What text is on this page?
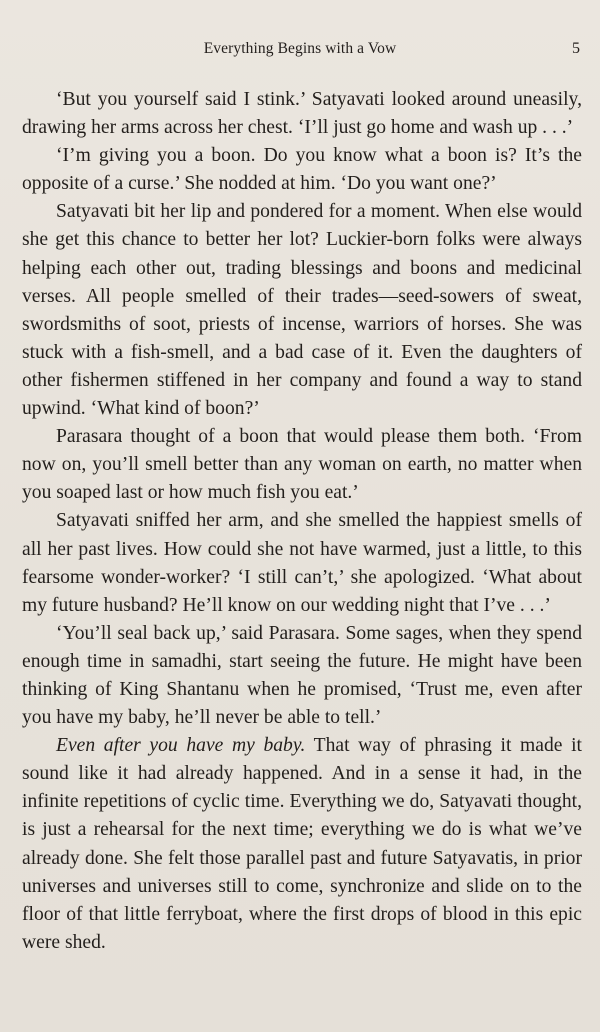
Everything Begins with a Vow	5

‘But you yourself said I stink.’ Satyavati looked around uneasily, drawing her arms across her chest. ‘I’ll just go home and wash up . . .’

‘I’m giving you a boon. Do you know what a boon is? It’s the opposite of a curse.’ She nodded at him. ‘Do you want one?’

Satyavati bit her lip and pondered for a moment. When else would she get this chance to better her lot? Luckier-born folks were always helping each other out, trading blessings and boons and medicinal verses. All people smelled of their trades—seed-sowers of sweat, swordsmiths of soot, priests of incense, warriors of horses. She was stuck with a fish-smell, and a bad case of it. Even the daughters of other fishermen stiffened in her company and found a way to stand upwind. ‘What kind of boon?’

Parasara thought of a boon that would please them both. ‘From now on, you’ll smell better than any woman on earth, no matter when you soaped last or how much fish you eat.’

Satyavati sniffed her arm, and she smelled the happiest smells of all her past lives. How could she not have warmed, just a little, to this fearsome wonder-worker? ‘I still can’t,’ she apologized. ‘What about my future husband? He’ll know on our wedding night that I’ve . . .’

‘You’ll seal back up,’ said Parasara. Some sages, when they spend enough time in samadhi, start seeing the future. He might have been thinking of King Shantanu when he promised, ‘Trust me, even after you have my baby, he’ll never be able to tell.’

Even after you have my baby. That way of phrasing it made it sound like it had already happened. And in a sense it had, in the infinite repetitions of cyclic time. Everything we do, Satyavati thought, is just a rehearsal for the next time; everything we do is what we’ve already done. She felt those parallel past and future Satyavatis, in prior universes and universes still to come, synchronize and slide on to the floor of that little ferryboat, where the first drops of blood in this epic were shed.
